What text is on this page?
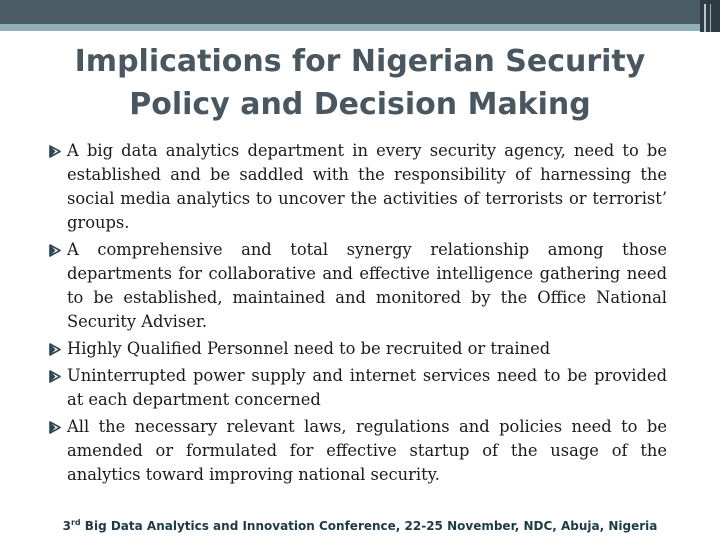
Implications for Nigerian Security
Policy and Decision Making
A big data analytics department in every security agency, need to be established and be saddled with the responsibility of harnessing the social media analytics to uncover the activities of terrorists or terrorist’ groups.
A comprehensive and total synergy relationship among those departments for collaborative and effective intelligence gathering need to be established, maintained and monitored by the Office National Security Adviser.
Highly Qualified Personnel need to be recruited or trained
Uninterrupted power supply and internet services need to be provided at each department concerned
All the necessary relevant laws, regulations and policies need to be amended or formulated for effective startup of the usage of the analytics toward improving national security.
3rd Big Data Analytics and Innovation Conference, 22-25 November, NDC, Abuja, Nigeria
